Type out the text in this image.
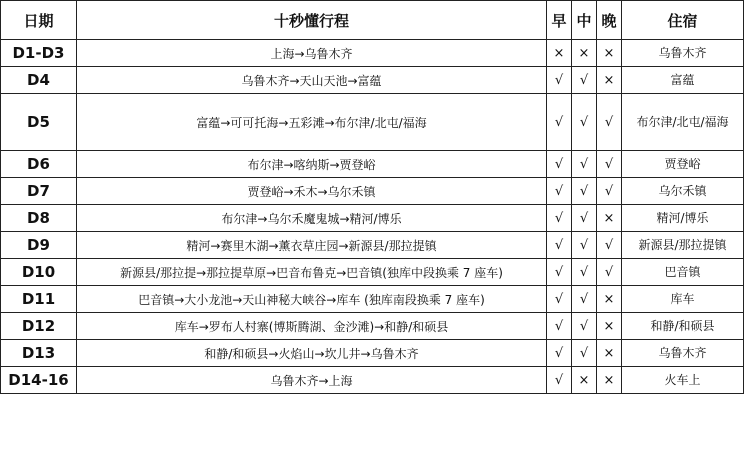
日期	十秒懂行程	早	中	晚	住宿
D1-D3	上海→乌鲁木齐	×	×	×	乌鲁木齐
D4	乌鲁木齐→天山天池→富蕴	√	√	×	富蕴
D5	富蕴→可可托海→五彩滩→布尔津/北屯/福海	√	√	√	布尔津/北屯/福海
D6	布尔津→喀纳斯→贾登峪	√	√	√	贾登峪
D7	贾登峪→禾木→乌尔禾镇	√	√	√	乌尔禾镇
D8	布尔津→乌尔禾魔鬼城→精河/博乐	√	√	×	精河/博乐
D9	精河→赛里木湖→薰衣草庄园→新源县/那拉提镇	√	√	√	新源县/那拉提镇
D10	新源县/那拉提→那拉提草原→巴音布鲁克→巴音镇(独库中段换乘 7 座车)	√	√	√	巴音镇
D11	巴音镇→大小龙池→天山神秘大峡谷→库车 (独库南段换乘 7 座车)	√	√	×	库车
D12	库车→罗布人村寨(博斯腾湖、金沙滩)→和静/和硕县	√	√	×	和静/和硕县
D13	和静/和硕县→火焰山→坎儿井→乌鲁木齐	√	√	×	乌鲁木齐
D14-16	乌鲁木齐→上海	√	×	×	火车上
